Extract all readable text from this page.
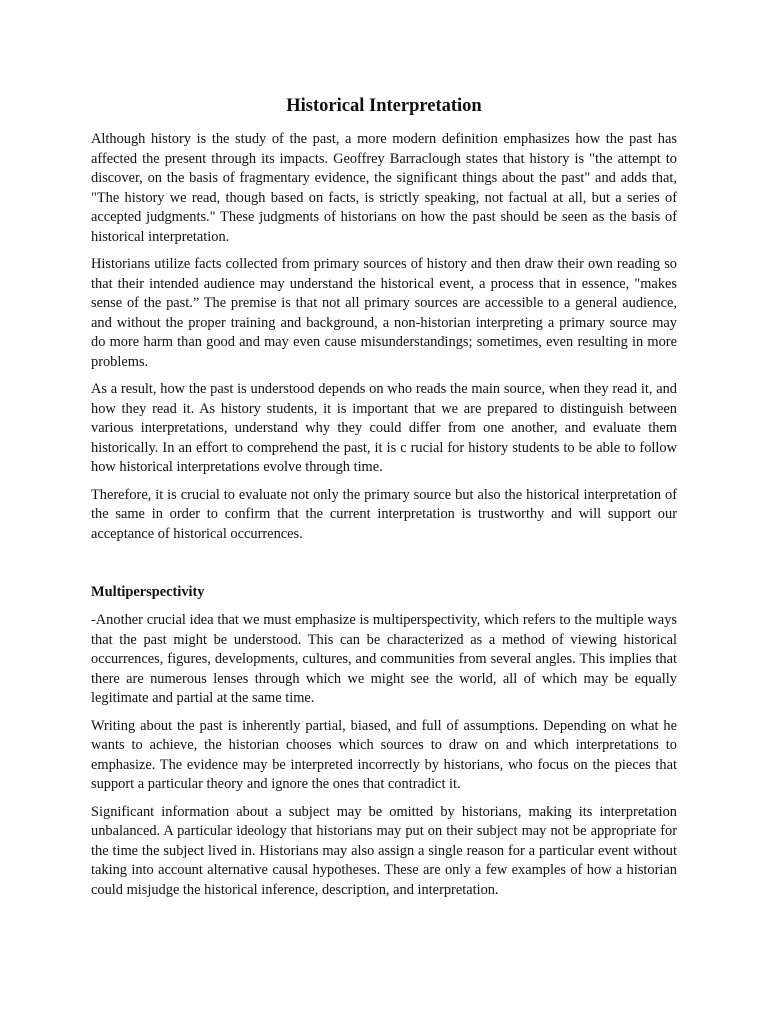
Historical Interpretation

Although history is the study of the past, a more modern definition emphasizes how the past has affected the present through its impacts. Geoffrey Barraclough states that history is "the attempt to discover, on the basis of fragmentary evidence, the significant things about the past" and adds that, "The history we read, though based on facts, is strictly speaking, not factual at all, but a series of accepted judgments." These judgments of historians on how the past should be seen as the basis of historical interpretation.

Historians utilize facts collected from primary sources of history and then draw their own reading so that their intended audience may understand the historical event, a process that in essence, "makes sense of the past.” The premise is that not all primary sources are accessible to a general audience, and without the proper training and background, a non-historian interpreting a primary source may do more harm than good and may even cause misunderstandings; sometimes, even resulting in more problems.

As a result, how the past is understood depends on who reads the main source, when they read it, and how they read it. As history students, it is important that we are prepared to distinguish between various interpretations, understand why they could differ from one another, and evaluate them historically. In an effort to comprehend the past, it is c rucial for history students to be able to follow how historical interpretations evolve through time.

Therefore, it is crucial to evaluate not only the primary source but also the historical interpretation of the same in order to confirm that the current interpretation is trustworthy and will support our acceptance of historical occurrences.

Multiperspectivity

-Another crucial idea that we must emphasize is multiperspectivity, which refers to the multiple ways that the past might be understood. This can be characterized as a method of viewing historical occurrences, figures, developments, cultures, and communities from several angles. This implies that there are numerous lenses through which we might see the world, all of which may be equally legitimate and partial at the same time.

Writing about the past is inherently partial, biased, and full of assumptions. Depending on what he wants to achieve, the historian chooses which sources to draw on and which interpretations to emphasize. The evidence may be interpreted incorrectly by historians, who focus on the pieces that support a particular theory and ignore the ones that contradict it.

Significant information about a subject may be omitted by historians, making its interpretation unbalanced. A particular ideology that historians may put on their subject may not be appropriate for the time the subject lived in. Historians may also assign a single reason for a particular event without taking into account alternative causal hypotheses. These are only a few examples of how a historian could misjudge the historical inference, description, and interpretation.
